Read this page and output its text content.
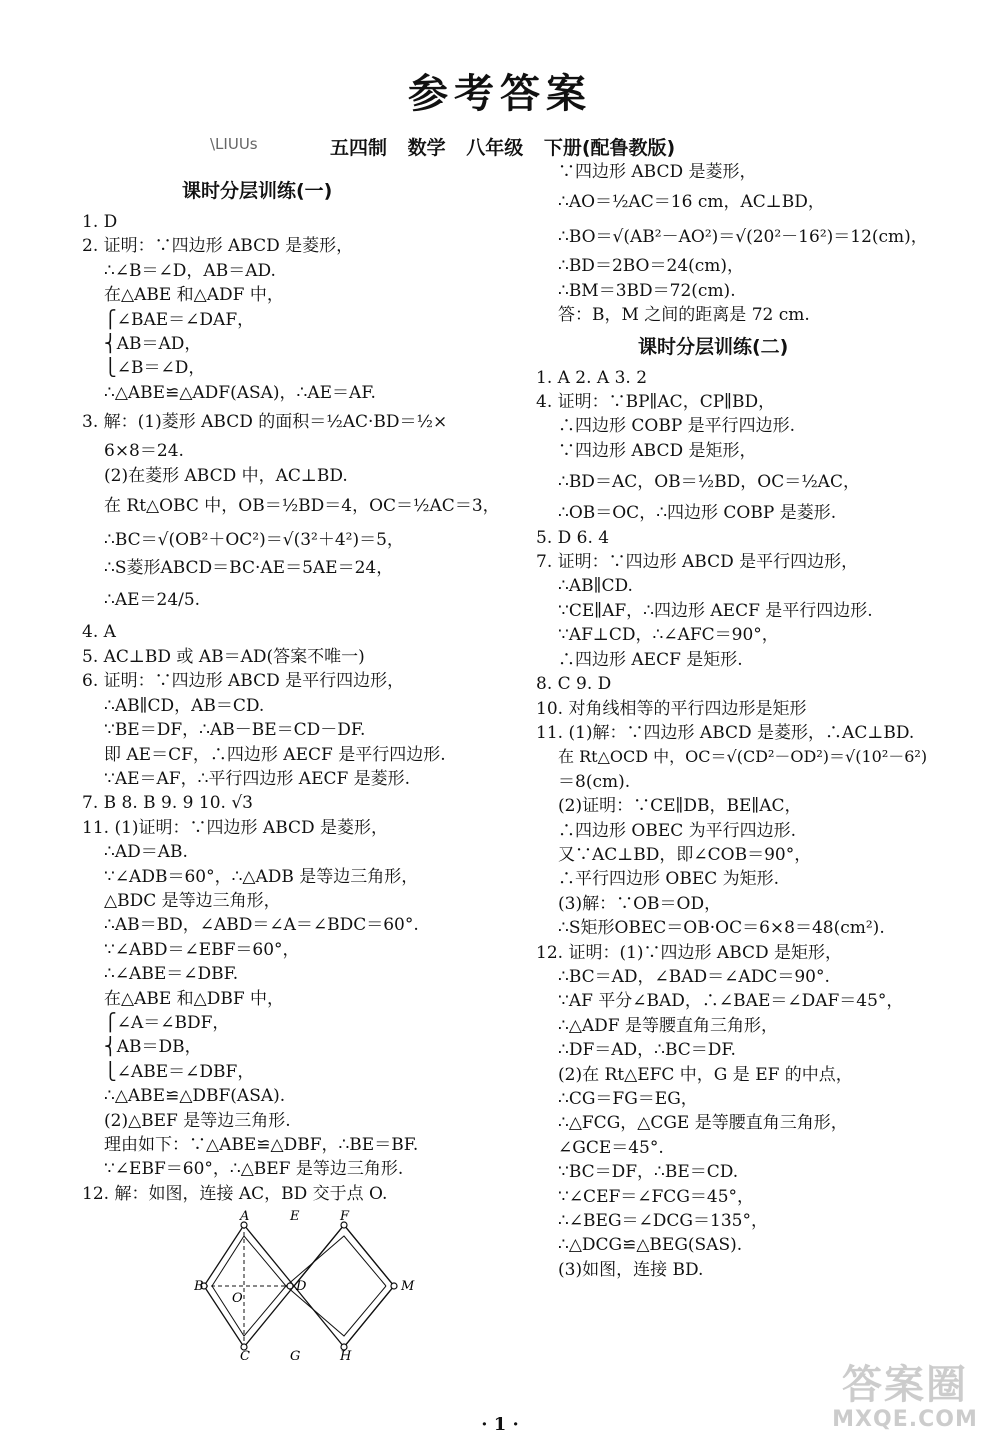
参考答案
\LIUUs	五四制 数学 八年级 下册(配鲁教版)
课时分层训练(一)
1. D
2. 证明：∵四边形 ABCD 是菱形，
∴∠B＝∠D，AB＝AD.
在△ABE 和△ADF 中，
⎧∠BAE＝∠DAF，
⎨AB＝AD，
⎩∠B＝∠D，
∴△ABE≌△ADF(ASA)，∴AE＝AF.
3. 解：(1)菱形 ABCD 的面积＝½AC·BD＝½×
6×8＝24.
(2)在菱形 ABCD 中，AC⊥BD.
在 Rt△OBC 中，OB＝½BD＝4，OC＝½AC＝3，
∴BC＝√(OB²＋OC²)＝√(3²＋4²)＝5，
∴S菱形ABCD＝BC·AE＝5AE＝24，
∴AE＝24/5.
4. A
5. AC⊥BD 或 AB＝AD(答案不唯一)
6. 证明：∵四边形 ABCD 是平行四边形，
∴AB∥CD，AB＝CD.
∵BE＝DF，∴AB－BE＝CD－DF.
即 AE＝CF，∴四边形 AECF 是平行四边形.
∵AE＝AF，∴平行四边形 AECF 是菱形.
7. B 8. B 9. 9 10. √3
11. (1)证明：∵四边形 ABCD 是菱形，
∴AD＝AB.
∵∠ADB＝60°，∴△ADB 是等边三角形，
△BDC 是等边三角形，
∴AB＝BD，∠ABD＝∠A＝∠BDC＝60°.
∵∠ABD＝∠EBF＝60°，
∴∠ABE＝∠DBF.
在△ABE 和△DBF 中，
⎧∠A＝∠BDF，
⎨AB＝DB，
⎩∠ABE＝∠DBF，
∴△ABE≌△DBF(ASA).
(2)△BEF 是等边三角形.
理由如下：∵△ABE≌△DBF，∴BE＝BF.
∵∠EBF＝60°，∴△BEF 是等边三角形.
12. 解：如图，连接 AC，BD 交于点 O.
A	E	F
B	D
O
M
C	G	H
∵四边形 ABCD 是菱形，
∴AO＝½AC＝16 cm，AC⊥BD，
∴BO＝√(AB²－AO²)＝√(20²－16²)＝12(cm)，
∴BD＝2BO＝24(cm)，
∴BM＝3BD＝72(cm).
答：B，M 之间的距离是 72 cm.
课时分层训练(二)
1. A 2. A 3. 2
4. 证明：∵BP∥AC，CP∥BD，
∴四边形 COBP 是平行四边形.
∵四边形 ABCD 是矩形，
∴BD＝AC，OB＝½BD，OC＝½AC，
∴OB＝OC，∴四边形 COBP 是菱形.
5. D 6. 4
7. 证明：∵四边形 ABCD 是平行四边形，
∴AB∥CD.
∵CE∥AF，∴四边形 AECF 是平行四边形.
∵AF⊥CD，∴∠AFC＝90°，
∴四边形 AECF 是矩形.
8. C 9. D
10. 对角线相等的平行四边形是矩形
11. (1)解：∵四边形 ABCD 是菱形，∴AC⊥BD.
在 Rt△OCD 中，OC＝√(CD²－OD²)＝√(10²－6²)
＝8(cm).
(2)证明：∵CE∥DB，BE∥AC，
∴四边形 OBEC 为平行四边形.
又∵AC⊥BD，即∠COB＝90°，
∴平行四边形 OBEC 为矩形.
(3)解：∵OB＝OD，
∴S矩形OBEC＝OB·OC＝6×8＝48(cm²).
12. 证明：(1)∵四边形 ABCD 是矩形，
∴BC＝AD，∠BAD＝∠ADC＝90°.
∵AF 平分∠BAD，∴∠BAE＝∠DAF＝45°，
∴△ADF 是等腰直角三角形，
∴DF＝AD，∴BC＝DF.
(2)在 Rt△EFC 中，G 是 EF 的中点，
∴CG＝FG＝EG，
∴△FCG，△CGE 是等腰直角三角形，
∠GCE＝45°.
∵BC＝DF，∴BE＝CD.
∵∠CEF＝∠FCG＝45°，
∴∠BEG＝∠DCG＝135°，
∴△DCG≌△BEG(SAS).
(3)如图，连接 BD.
· 1 ·
答案圈
MXQE.COM
